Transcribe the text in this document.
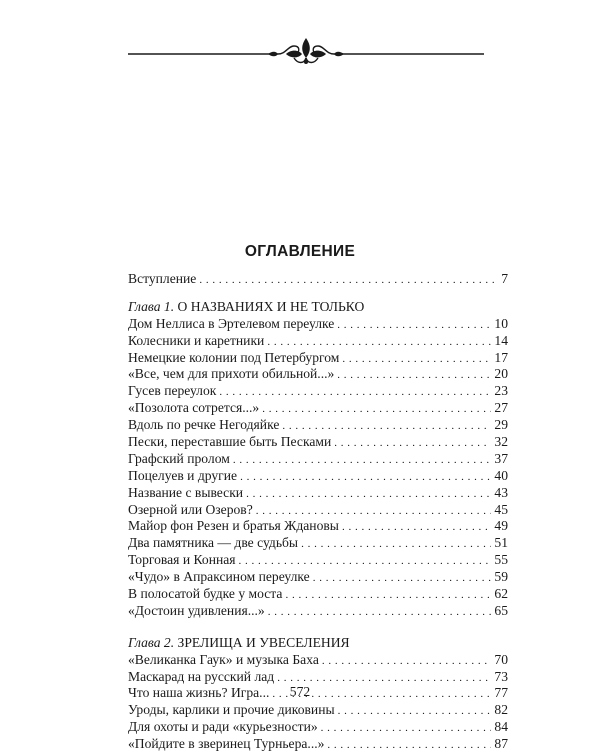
ОГЛАВЛЕНИЕ
Вступление . . .	7
Глава 1. О НАЗВАНИЯХ И НЕ ТОЛЬКО
Дом Неллиса в Эртелевом переулке . . .	10
Колесники и каретники . . .	14
Немецкие колонии под Петербургом . . .	17
«Все, чем для прихоти обильной...» . . .	20
Гусев переулок . . .	23
«Позолота сотрется...» . . .	27
Вдоль по речке Негодяйке . . .	29
Пески, переставшие быть Песками . . .	32
Графский пролом . . .	37
Поцелуев и другие . . .	40
Название с вывески . . .	43
Озерной или Озеров? . . .	45
Майор фон Резен и братья Ждановы . . .	49
Два памятника — две судьбы . . .	51
Торговая и Конная . . .	55
«Чудо» в Апраксином переулке . . .	59
В полосатой будке у моста . . .	62
«Достоин удивления...» . . .	65
Глава 2. ЗРЕЛИЩА И УВЕСЕЛЕНИЯ
«Великанка Гаук» и музыка Баха . . .	70
Маскарад на русский лад . . .	73
Что наша жизнь? Игра... . . .	77
Уроды, карлики и прочие диковины . . .	82
Для охоты и ради «курьезности» . . .	84
«Пойдите в зверинец Турньера...» . . .	87

572
